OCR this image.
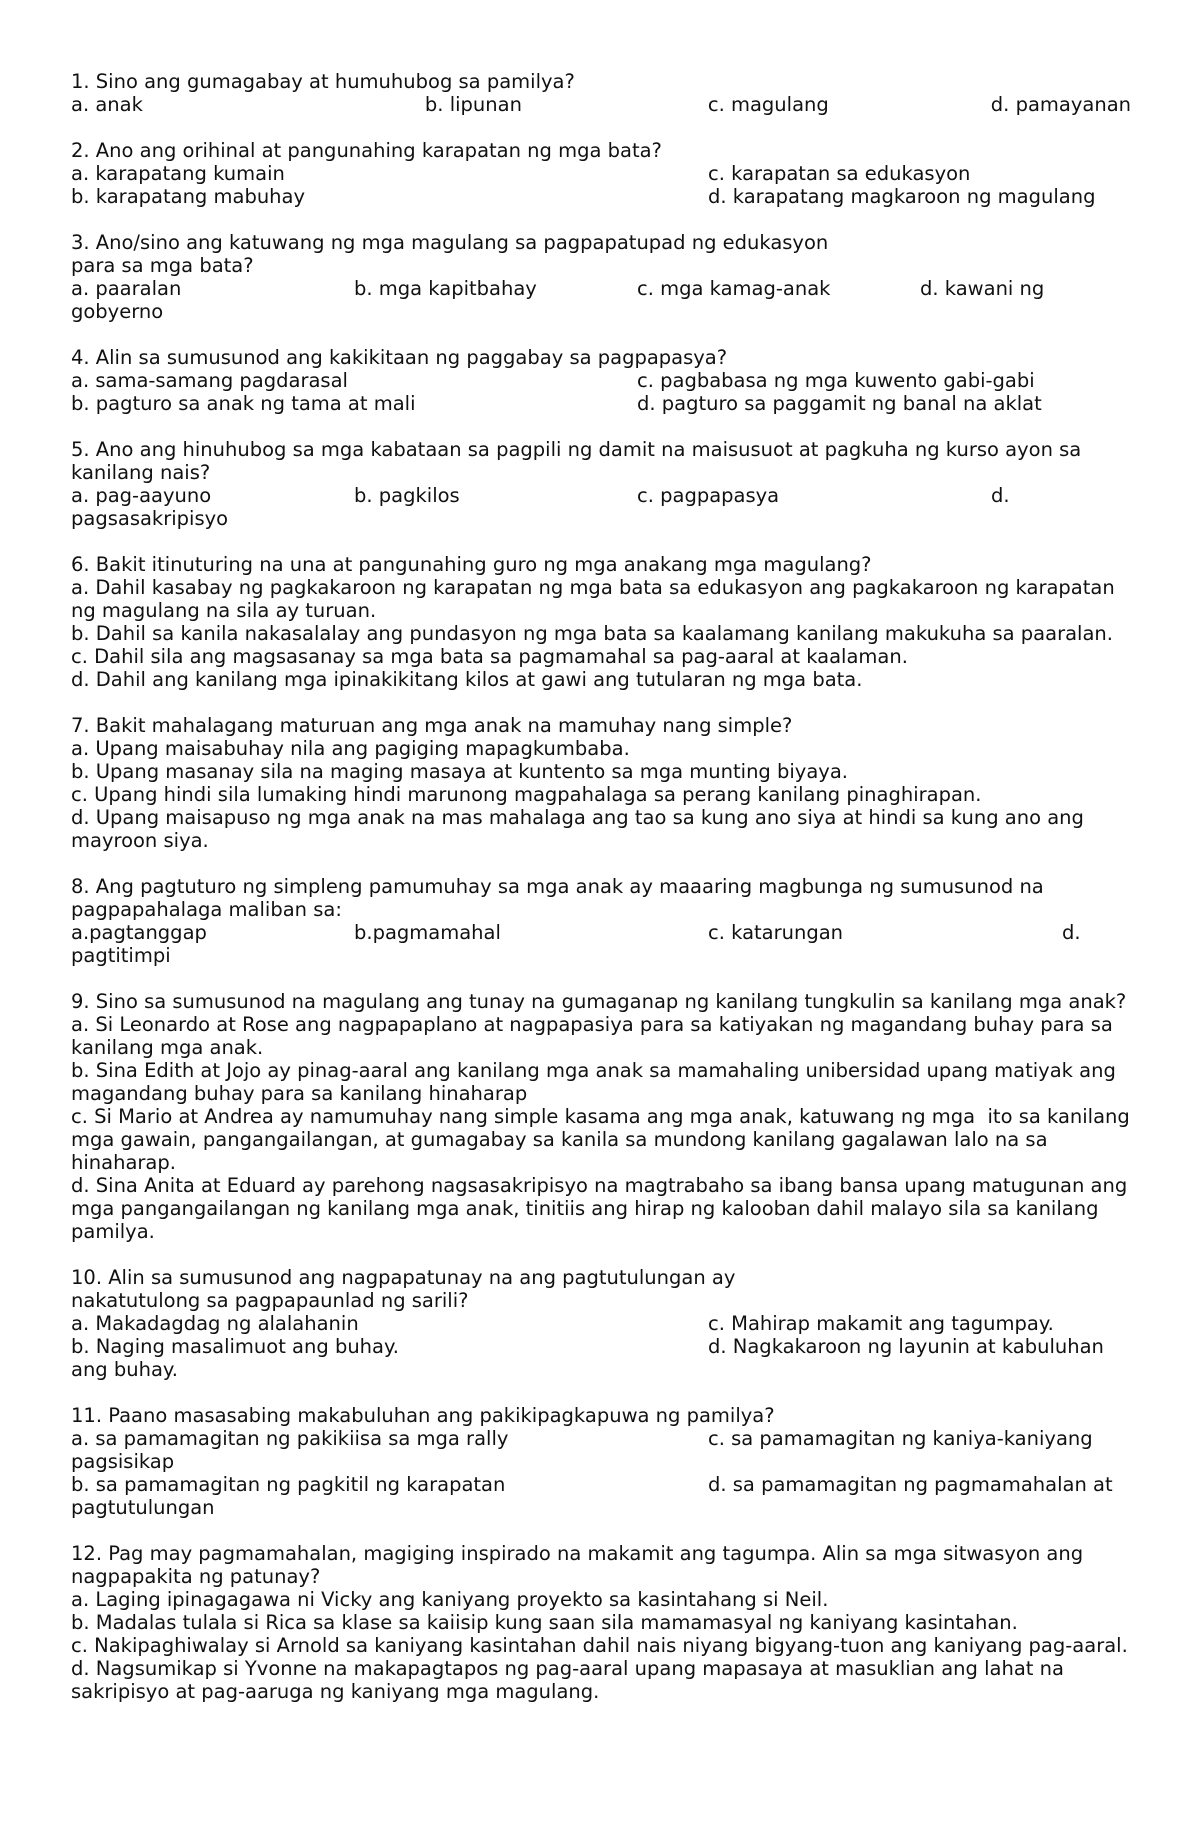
1. Sino ang gumagabay at humuhubog sa pamilya?
a. anak	b. lipunan	c. magulang	d. pamayanan
2. Ano ang orihinal at pangunahing karapatan ng mga bata?
a. karapatang kumain	c. karapatan sa edukasyon
b. karapatang mabuhay	d. karapatang magkaroon ng magulang
3. Ano/sino ang katuwang ng mga magulang sa pagpapatupad ng edukasyon para sa mga bata?
a. paaralan	b. mga kapitbahay	c. mga kamag-anak	d. kawani ng
gobyerno
4. Alin sa sumusunod ang kakikitaan ng paggabay sa pagpapasya?
a. sama-samang pagdarasal	c. pagbabasa ng mga kuwento gabi-gabi
b. pagturo sa anak ng tama at mali	d. pagturo sa paggamit ng banal na aklat
5. Ano ang hinuhubog sa mga kabataan sa pagpili ng damit na maisusuot at pagkuha ng kurso ayon sa kanilang nais?
a. pag-aayuno	b. pagkilos	c. pagpapasya	d.
pagsasakripisyo
6. Bakit itinuturing na una at pangunahing guro ng mga anakang mga magulang?
a. Dahil kasabay ng pagkakaroon ng karapatan ng mga bata sa edukasyon ang pagkakaroon ng karapatan ng magulang na sila ay turuan.
b. Dahil sa kanila nakasalalay ang pundasyon ng mga bata sa kaalamang kanilang makukuha sa paaralan.
c. Dahil sila ang magsasanay sa mga bata sa pagmamahal sa pag-aaral at kaalaman.
d. Dahil ang kanilang mga ipinakikitang kilos at gawi ang tutularan ng mga bata.
7. Bakit mahalagang maturuan ang mga anak na mamuhay nang simple?
a. Upang maisabuhay nila ang pagiging mapagkumbaba.
b. Upang masanay sila na maging masaya at kuntento sa mga munting biyaya.
c. Upang hindi sila lumaking hindi marunong magpahalaga sa perang kanilang pinaghirapan.
d. Upang maisapuso ng mga anak na mas mahalaga ang tao sa kung ano siya at hindi sa kung ano ang mayroon siya.
8. Ang pagtuturo ng simpleng pamumuhay sa mga anak ay maaaring magbunga ng sumusunod na pagpapahalaga maliban sa:
a.pagtanggap	b.pagmamahal	c. katarungan	d.
pagtitimpi
9. Sino sa sumusunod na magulang ang tunay na gumaganap ng kanilang tungkulin sa kanilang mga anak?
a. Si Leonardo at Rose ang nagpapaplano at nagpapasiya para sa katiyakan ng magandang buhay para sa kanilang mga anak.
b. Sina Edith at Jojo ay pinag-aaral ang kanilang mga anak sa mamahaling unibersidad upang matiyak ang magandang buhay para sa kanilang hinaharap
c. Si Mario at Andrea ay namumuhay nang simple kasama ang mga anak, katuwang ng mga  ito sa kanilang mga gawain, pangangailangan, at gumagabay sa kanila sa mundong kanilang gagalawan lalo na sa hinaharap.
d. Sina Anita at Eduard ay parehong nagsasakripisyo na magtrabaho sa ibang bansa upang matugunan ang mga pangangailangan ng kanilang mga anak, tinitiis ang hirap ng kalooban dahil malayo sila sa kanilang pamilya.
10. Alin sa sumusunod ang nagpapatunay na ang pagtutulungan ay nakatutulong sa pagpapaunlad ng sarili?
a. Makadagdag ng alalahanin	c. Mahirap makamit ang tagumpay.
b. Naging masalimuot ang buhay.	d. Nagkakaroon ng layunin at kabuluhan
ang buhay.
11. Paano masasabing makabuluhan ang pakikipagkapuwa ng pamilya?
a. sa pamamagitan ng pakikiisa sa mga rally	c. sa pamamagitan ng kaniya-kaniyang
pagsisikap
b. sa pamamagitan ng pagkitil ng karapatan	d. sa pamamagitan ng pagmamahalan at
pagtutulungan
12. Pag may pagmamahalan, magiging inspirado na makamit ang tagumpa. Alin sa mga sitwasyon ang nagpapakita ng patunay?
a. Laging ipinagagawa ni Vicky ang kaniyang proyekto sa kasintahang si Neil.
b. Madalas tulala si Rica sa klase sa kaiisip kung saan sila mamamasyal ng kaniyang kasintahan.
c. Nakipaghiwalay si Arnold sa kaniyang kasintahan dahil nais niyang bigyang-tuon ang kaniyang pag-aaral.
d. Nagsumikap si Yvonne na makapagtapos ng pag-aaral upang mapasaya at masuklian ang lahat na sakripisyo at pag-aaruga ng kaniyang mga magulang.
